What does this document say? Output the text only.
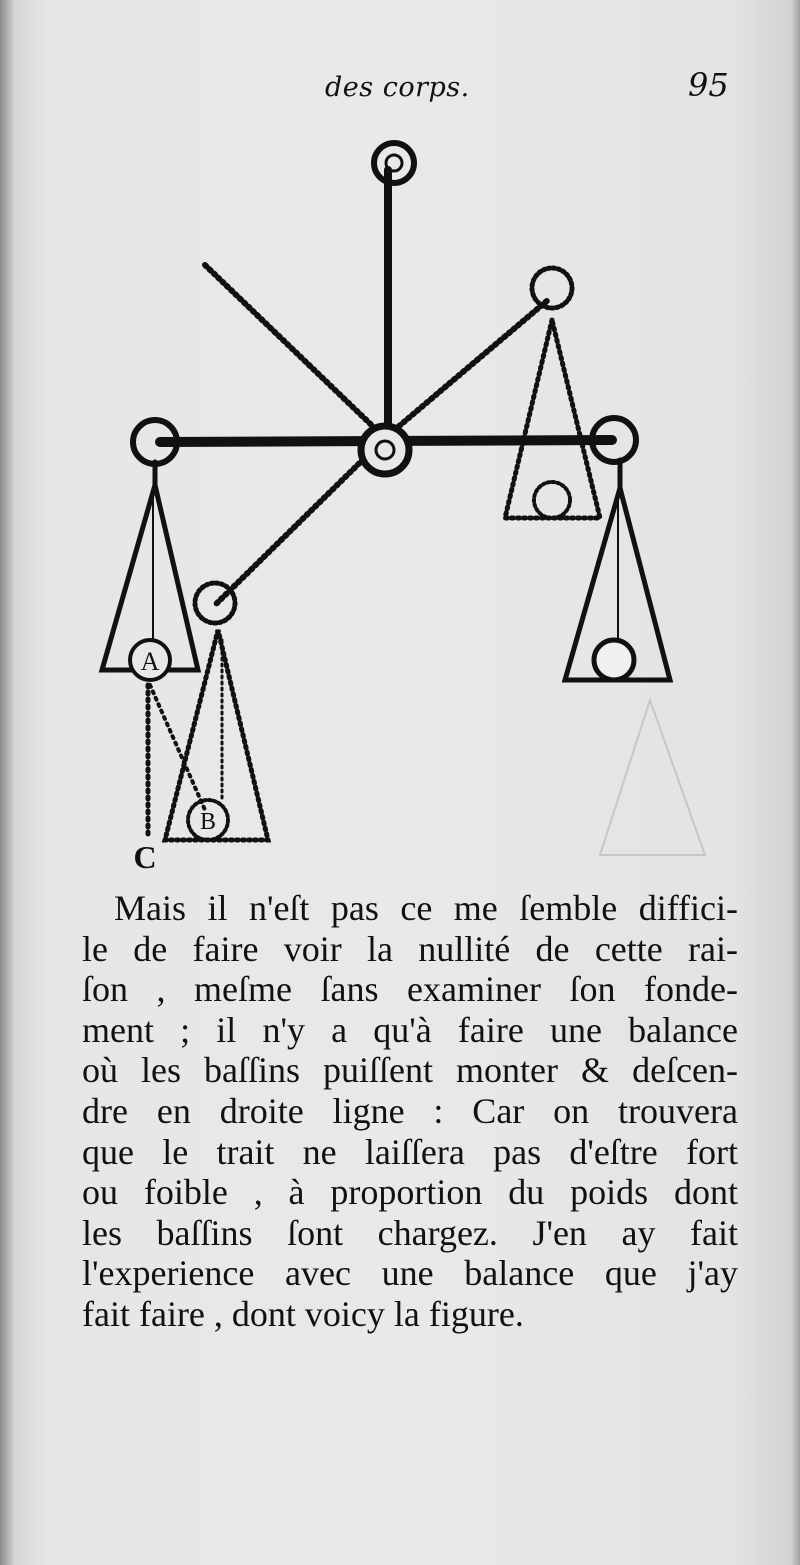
des corps.	95
A
B
C
Mais il n'eſt pas ce me ſemble diffici-
le de faire voir la nullité de cette rai-
ſon , meſme ſans examiner ſon fonde-
ment ; il n'y a qu'à faire une balance
où les baſſins puiſſent monter & deſcen-
dre en droite ligne : Car on trouvera
que le trait ne laiſſera pas d'eſtre fort
ou foible , à proportion du poids dont
les baſſins ſont chargez. J'en ay fait
l'experience avec une balance que j'ay
fait faire , dont voicy la figure.
